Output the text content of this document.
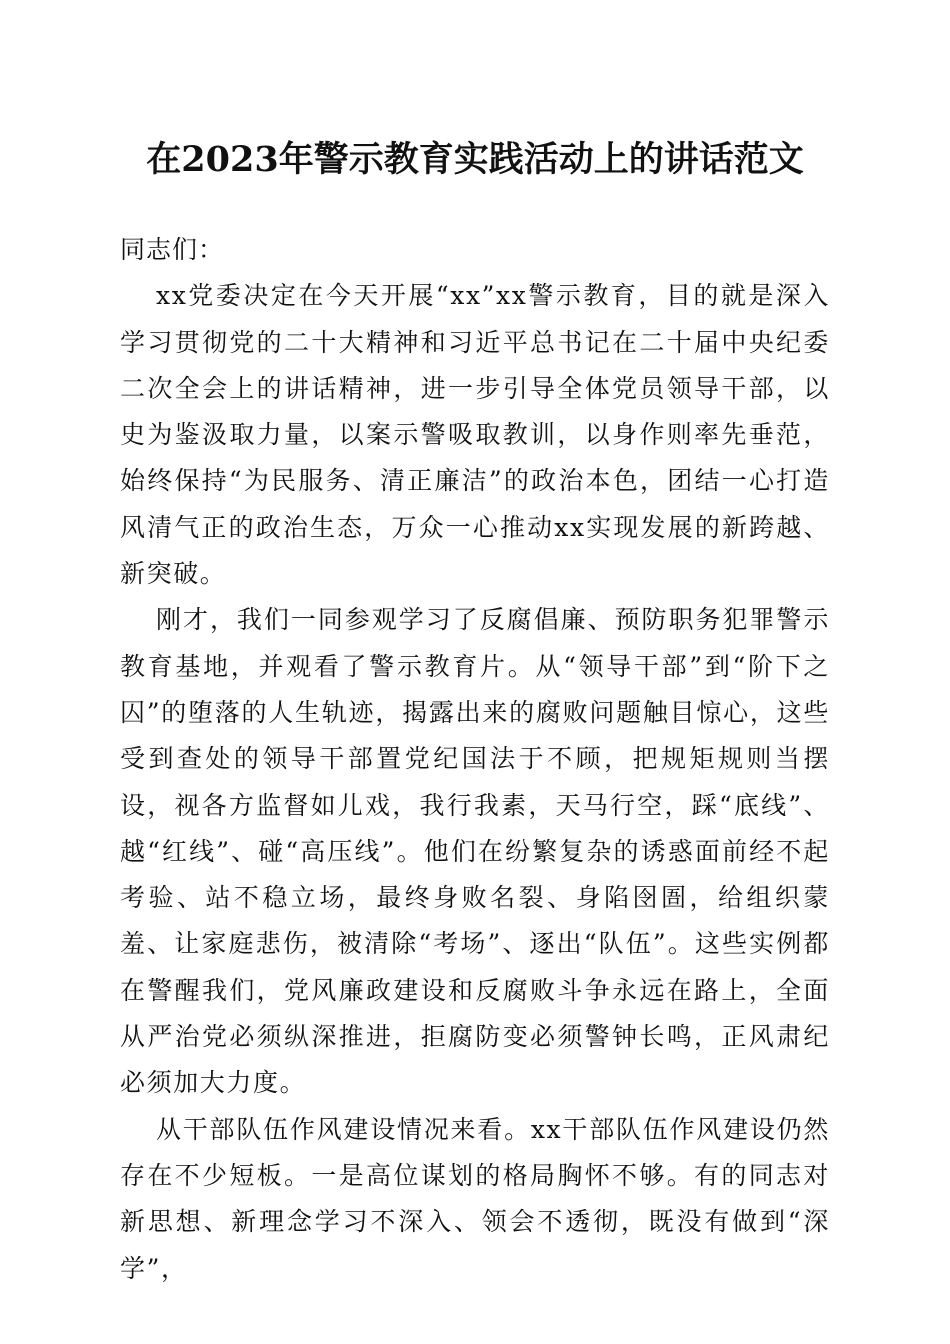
在2023年警示教育实践活动上的讲话范文

同志们：

xx党委决定在今天开展“xx”xx警示教育，目的就是深入学习贯彻党的二十大精神和习近平总书记在二十届中央纪委二次全会上的讲话精神，进一步引导全体党员领导干部，以史为鉴汲取力量，以案示警吸取教训，以身作则率先垂范，始终保持“为民服务、清正廉洁”的政治本色，团结一心打造风清气正的政治生态，万众一心推动xx实现发展的新跨越、新突破。

刚才，我们一同参观学习了反腐倡廉、预防职务犯罪警示教育基地，并观看了警示教育片。从“领导干部”到“阶下之囚”的堕落的人生轨迹，揭露出来的腐败问题触目惊心，这些受到查处的领导干部置党纪国法于不顾，把规矩规则当摆设，视各方监督如儿戏，我行我素，天马行空，踩“底线”、越“红线”、碰“高压线”。他们在纷繁复杂的诱惑面前经不起考验、站不稳立场，最终身败名裂、身陷囹圄，给组织蒙羞、让家庭悲伤，被清除“考场”、逐出“队伍”。这些实例都在警醒我们，党风廉政建设和反腐败斗争永远在路上，全面从严治党必须纵深推进，拒腐防变必须警钟长鸣，正风肃纪必须加大力度。

从干部队伍作风建设情况来看。xx干部队伍作风建设仍然存在不少短板。一是高位谋划的格局胸怀不够。有的同志对新思想、新理念学习不深入、领会不透彻，既没有做到“深学”，
